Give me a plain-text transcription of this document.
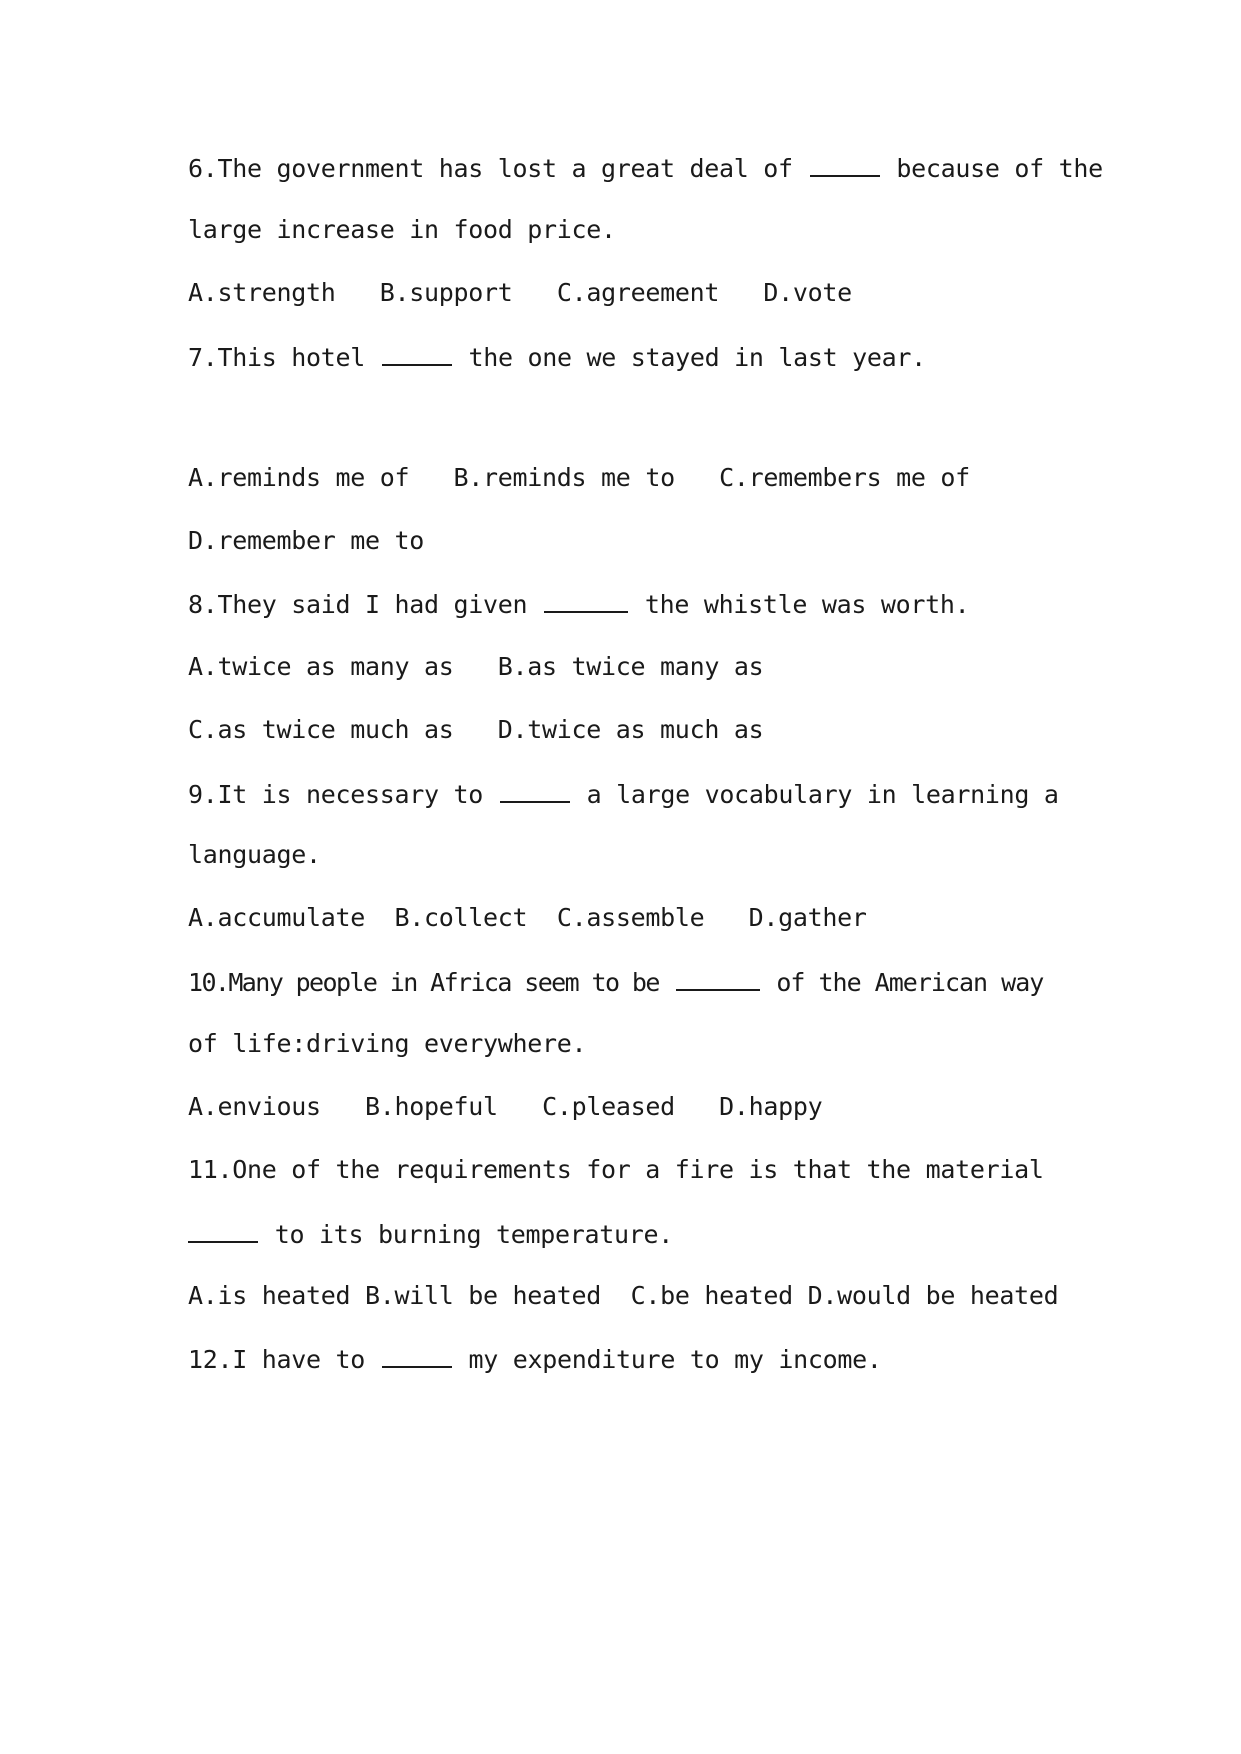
6.The government has lost a great deal of	because of the
large increase in food price.
A.strength B.support C.agreement D.vote
7.This hotel	the one we stayed in last year.
A.reminds me of B.reminds me to C.remembers me of
D.remember me to
8.They said I had given	the whistle was worth.
A.twice as many as B.as twice many as
C.as twice much as D.twice as much as
9.It is necessary to	a large vocabulary in learning a
language.
A.accumulate B.collect C.assemble D.gather
10.Many people in Africa seem to be	of the American way
of life:driving everywhere.
A.envious B.hopeful C.pleased D.happy
11.One of the requirements for a fire is that the material
to its burning temperature.
A.is heated B.will be heated C.be heated D.would be heated
12.I have to	my expenditure to my income.
